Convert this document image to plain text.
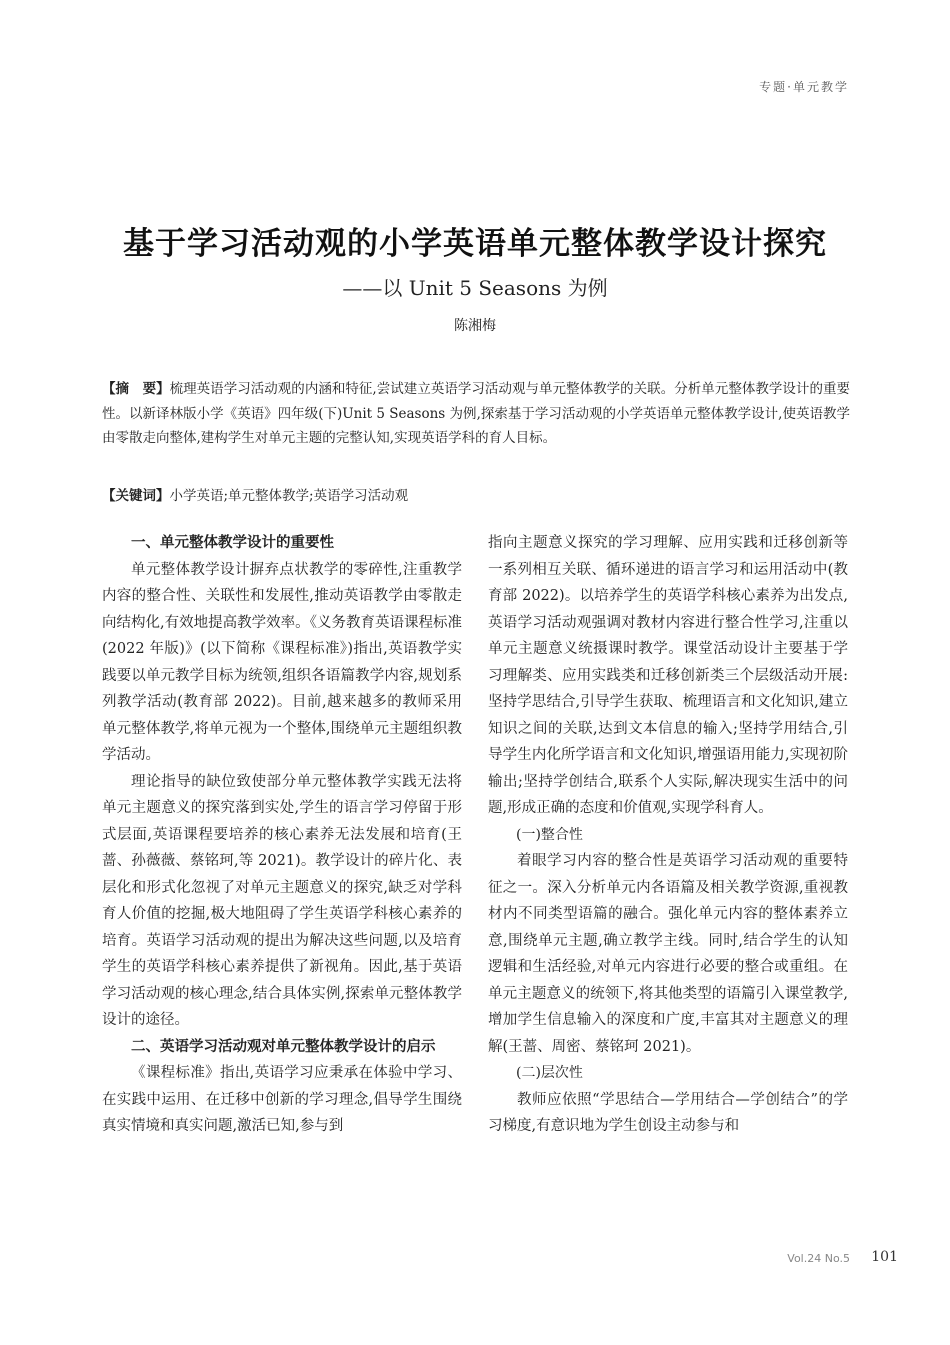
专题·单元教学
基于学习活动观的小学英语单元整体教学设计探究
——以 Unit 5 Seasons 为例
陈湘梅
【摘　要】梳理英语学习活动观的内涵和特征,尝试建立英语学习活动观与单元整体教学的关联。分析单元整体教学设计的重要性。以新译林版小学《英语》四年级(下)Unit 5 Seasons 为例,探索基于学习活动观的小学英语单元整体教学设计,使英语教学由零散走向整体,建构学生对单元主题的完整认知,实现英语学科的育人目标。
【关键词】小学英语;单元整体教学;英语学习活动观
一、单元整体教学设计的重要性

单元整体教学设计摒弃点状教学的零碎性,注重教学内容的整合性、关联性和发展性,推动英语教学由零散走向结构化,有效地提高教学效率。《义务教育英语课程标准(2022 年版)》(以下简称《课程标准》)指出,英语教学实践要以单元教学目标为统领,组织各语篇教学内容,规划系列教学活动(教育部 2022)。目前,越来越多的教师采用单元整体教学,将单元视为一个整体,围绕单元主题组织教学活动。

理论指导的缺位致使部分单元整体教学实践无法将单元主题意义的探究落到实处,学生的语言学习停留于形式层面,英语课程要培养的核心素养无法发展和培育(王蔷、孙薇薇、蔡铭珂,等 2021)。教学设计的碎片化、表层化和形式化忽视了对单元主题意义的探究,缺乏对学科育人价值的挖掘,极大地阻碍了学生英语学科核心素养的培育。英语学习活动观的提出为解决这些问题,以及培育学生的英语学科核心素养提供了新视角。因此,基于英语学习活动观的核心理念,结合具体实例,探索单元整体教学设计的途径。

二、英语学习活动观对单元整体教学设计的启示

《课程标准》指出,英语学习应秉承在体验中学习、在实践中运用、在迁移中创新的学习理念,倡导学生围绕真实情境和真实问题,激活已知,参与到

指向主题意义探究的学习理解、应用实践和迁移创新等一系列相互关联、循环递进的语言学习和运用活动中(教育部 2022)。以培养学生的英语学科核心素养为出发点,英语学习活动观强调对教材内容进行整合性学习,注重以单元主题意义统摄课时教学。课堂活动设计主要基于学习理解类、应用实践类和迁移创新类三个层级活动开展:坚持学思结合,引导学生获取、梳理语言和文化知识,建立知识之间的关联,达到文本信息的输入;坚持学用结合,引导学生内化所学语言和文化知识,增强语用能力,实现初阶输出;坚持学创结合,联系个人实际,解决现实生活中的问题,形成正确的态度和价值观,实现学科育人。

(一)整合性

着眼学习内容的整合性是英语学习活动观的重要特征之一。深入分析单元内各语篇及相关教学资源,重视教材内不同类型语篇的融合。强化单元内容的整体素养立意,围绕单元主题,确立教学主线。同时,结合学生的认知逻辑和生活经验,对单元内容进行必要的整合或重组。在单元主题意义的统领下,将其他类型的语篇引入课堂教学,增加学生信息输入的深度和广度,丰富其对主题意义的理解(王蔷、周密、蔡铭珂 2021)。

(二)层次性

教师应依照“学思结合—学用结合—学创结合”的学习梯度,有意识地为学生创设主动参与和

Vol.24 No.5 101
